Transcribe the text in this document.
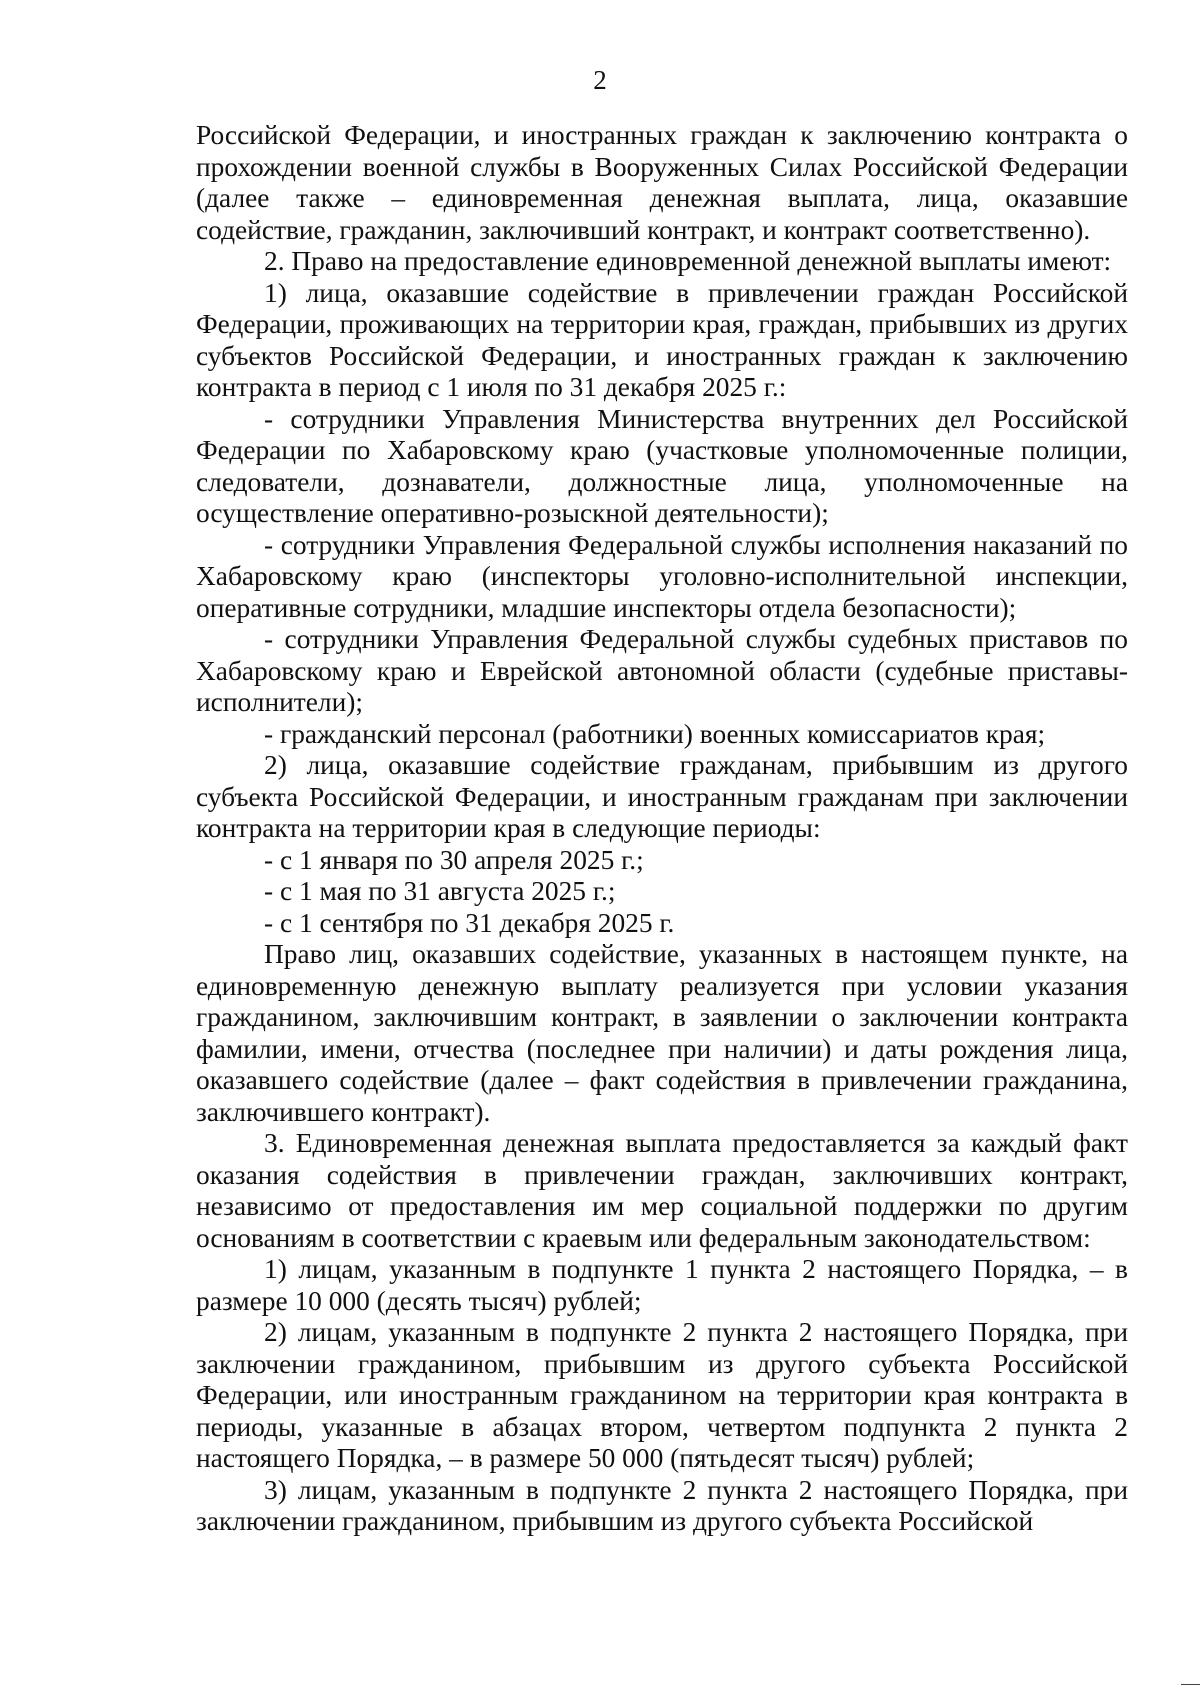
2

Российской Федерации, и иностранных граждан к заключению контракта о прохождении военной службы в Вооруженных Силах Российской Федерации (далее также – единовременная денежная выплата, лица, оказавшие содействие, гражданин, заключивший контракт, и контракт соответственно).

2. Право на предоставление единовременной денежной выплаты имеют:

1) лица, оказавшие содействие в привлечении граждан Российской Федерации, проживающих на территории края, граждан, прибывших из других субъектов Российской Федерации, и иностранных граждан к заключению контракта в период с 1 июля по 31 декабря 2025 г.:

- сотрудники Управления Министерства внутренних дел Российской Федерации по Хабаровскому краю (участковые уполномоченные полиции, следователи, дознаватели, должностные лица, уполномоченные на осуществление оперативно-розыскной деятельности);

- сотрудники Управления Федеральной службы исполнения наказаний по Хабаровскому краю (инспекторы уголовно-исполнительной инспекции, оперативные сотрудники, младшие инспекторы отдела безопасности);

- сотрудники Управления Федеральной службы судебных приставов по Хабаровскому краю и Еврейской автономной области (судебные приставы-исполнители);

- гражданский персонал (работники) военных комиссариатов края;

2) лица, оказавшие содействие гражданам, прибывшим из другого субъекта Российской Федерации, и иностранным гражданам при заключении контракта на территории края в следующие периоды:

- с 1 января по 30 апреля 2025 г.;

- с 1 мая по 31 августа 2025 г.;

- с 1 сентября по 31 декабря 2025 г.

Право лиц, оказавших содействие, указанных в настоящем пункте, на единовременную денежную выплату реализуется при условии указания гражданином, заключившим контракт, в заявлении о заключении контракта фамилии, имени, отчества (последнее при наличии) и даты рождения лица, оказавшего содействие (далее – факт содействия в привлечении гражданина, заключившего контракт).

3. Единовременная денежная выплата предоставляется за каждый факт оказания содействия в привлечении граждан, заключивших контракт, независимо от предоставления им мер социальной поддержки по другим основаниям в соответствии с краевым или федеральным законодательством:

1) лицам, указанным в подпункте 1 пункта 2 настоящего Порядка, – в размере 10 000 (десять тысяч) рублей;

2) лицам, указанным в подпункте 2 пункта 2 настоящего Порядка, при заключении гражданином, прибывшим из другого субъекта Российской Федерации, или иностранным гражданином на территории края контракта в периоды, указанные в абзацах втором, четвертом подпункта 2 пункта 2 настоящего Порядка, – в размере 50 000 (пятьдесят тысяч) рублей;

3) лицам, указанным в подпункте 2 пункта 2 настоящего Порядка, при заключении гражданином, прибывшим из другого субъекта Российской
